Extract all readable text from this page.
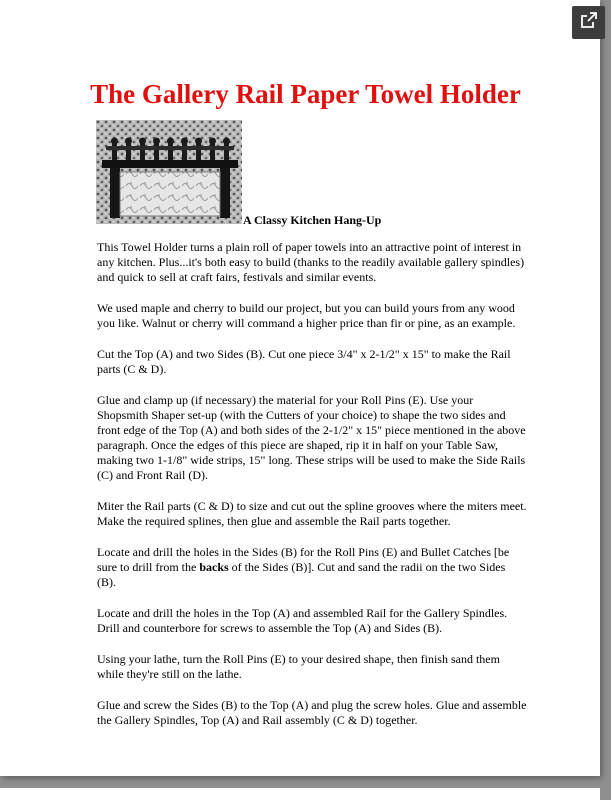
The Gallery Rail Paper Towel Holder
A Classy Kitchen Hang-Up

This Towel Holder turns a plain roll of paper towels into an attractive point of interest in any kitchen. Plus...it's both easy to build (thanks to the readily available gallery spindles) and quick to sell at craft fairs, festivals and similar events.

We used maple and cherry to build our project, but you can build yours from any wood you like. Walnut or cherry will command a higher price than fir or pine, as an example.

Cut the Top (A) and two Sides (B). Cut one piece 3/4" x 2-1/2" x 15" to make the Rail parts (C & D).

Glue and clamp up (if necessary) the material for your Roll Pins (E). Use your Shopsmith Shaper set-up (with the Cutters of your choice) to shape the two sides and front edge of the Top (A) and both sides of the 2-1/2" x 15" piece mentioned in the above paragraph. Once the edges of this piece are shaped, rip it in half on your Table Saw, making two 1-1/8" wide strips, 15" long. These strips will be used to make the Side Rails (C) and Front Rail (D).

Miter the Rail parts (C & D) to size and cut out the spline grooves where the miters meet. Make the required splines, then glue and assemble the Rail parts together.

Locate and drill the holes in the Sides (B) for the Roll Pins (E) and Bullet Catches [be sure to drill from the backs of the Sides (B)]. Cut and sand the radii on the two Sides (B).

Locate and drill the holes in the Top (A) and assembled Rail for the Gallery Spindles. Drill and counterbore for screws to assemble the Top (A) and Sides (B).

Using your lathe, turn the Roll Pins (E) to your desired shape, then finish sand them while they're still on the lathe.

Glue and screw the Sides (B) to the Top (A) and plug the screw holes. Glue and assemble the Gallery Spindles, Top (A) and Rail assembly (C & D) together.
